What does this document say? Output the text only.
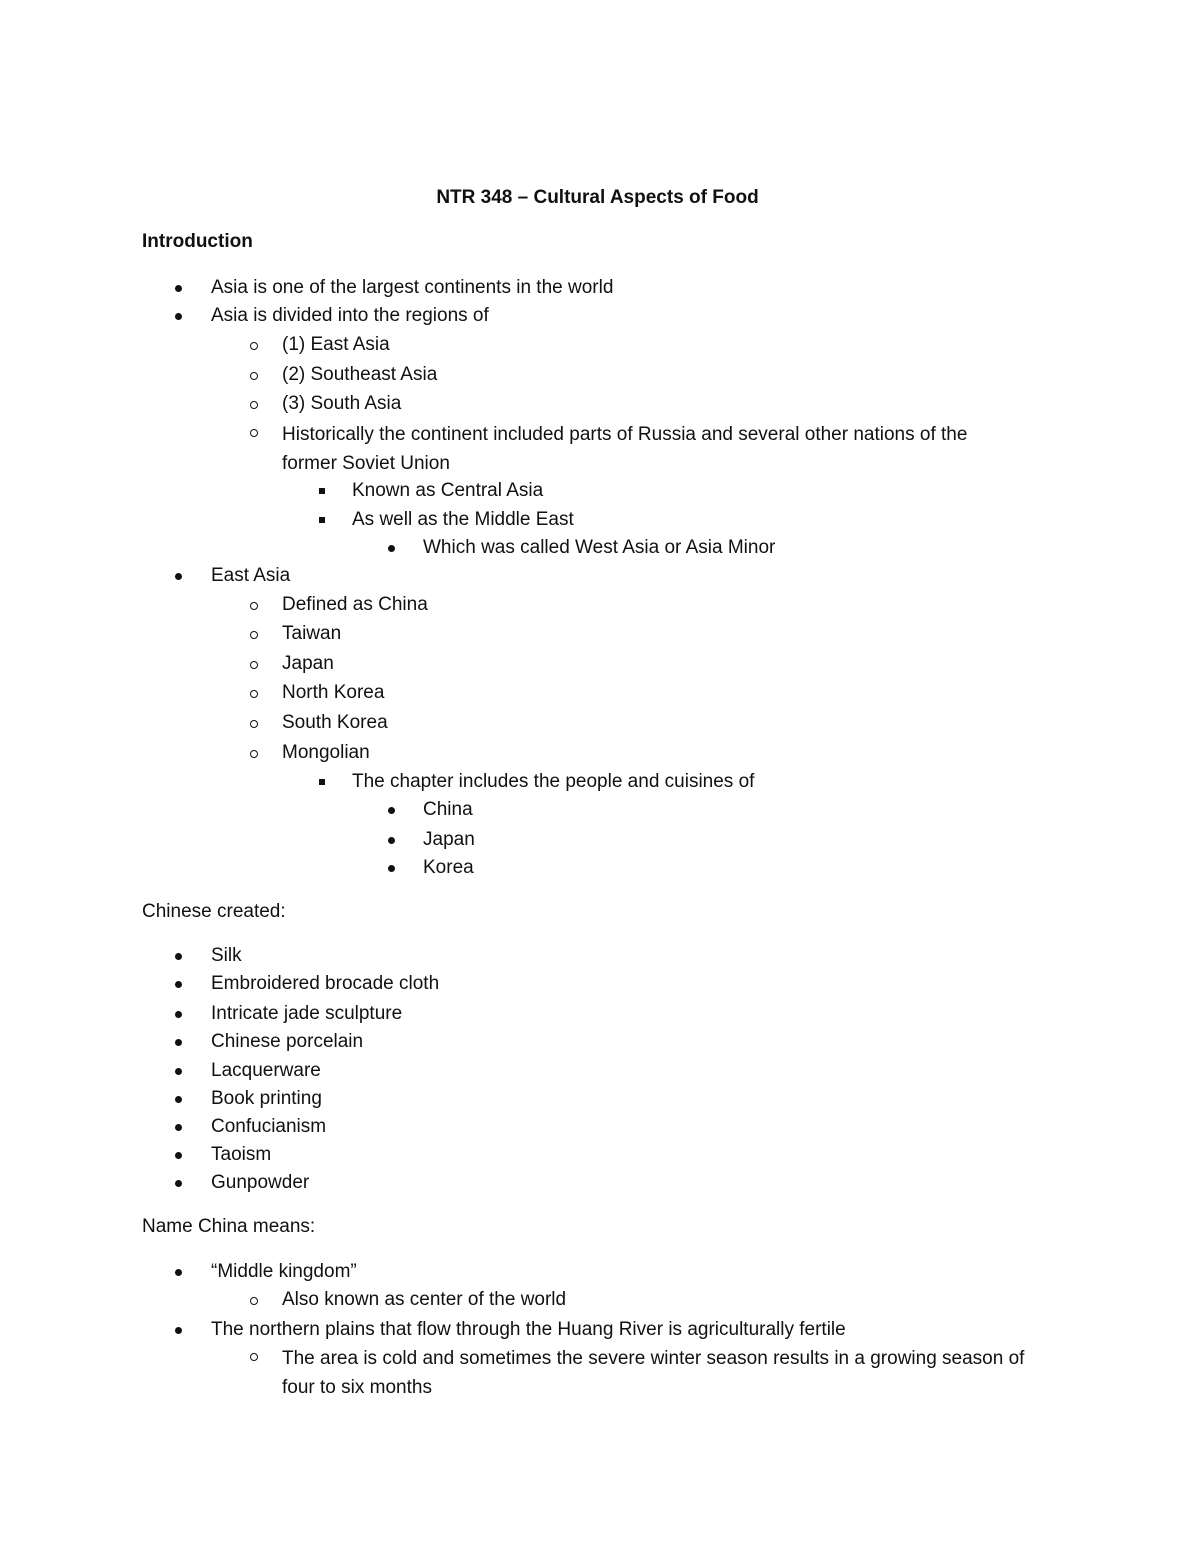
NTR 348 – Cultural Aspects of Food
Introduction
Asia is one of the largest continents in the world
Asia is divided into the regions of
(1) East Asia
(2) Southeast Asia
(3) South Asia
Historically the continent included parts of Russia and several other nations of the former Soviet Union
Known as Central Asia
As well as the Middle East
Which was called West Asia or Asia Minor
East Asia
Defined as China
Taiwan
Japan
North Korea
South Korea
Mongolian
The chapter includes the people and cuisines of
China
Japan
Korea
Chinese created:
Silk
Embroidered brocade cloth
Intricate jade sculpture
Chinese porcelain
Lacquerware
Book printing
Confucianism
Taoism
Gunpowder
Name China means:
“Middle kingdom”
Also known as center of the world
The northern plains that flow through the Huang River is agriculturally fertile
The area is cold and sometimes the severe winter season results in a growing season of four to six months
